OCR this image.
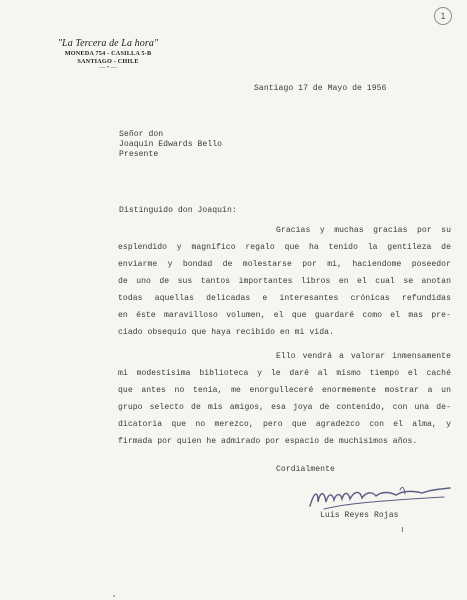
1
"La Tercera de La hora"
MONEDA 754 - CASILLA 5-B
SANTIAGO - CHILE
— • —
Santiago 17 de Mayo de 1956
Señor don
Joaquín Edwards Bello
Presente
Distinguido don Joaquín:
Gracias y muchas gracias por su
esplendido y magnífico regalo que ha tenido la gentileza de
enviarme y bondad de molestarse por mi, haciendome poseedor
de uno de sus tantos importantes libros en el cual se anotan
todas aquellas delicadas e interesantes crónicas refundidas
en éste maravilloso volumen, el que guardaré como el mas pre-
ciado obsequio que haya recibido en mi vida.
Ello vendrá a valorar inmensamente
mi modestísima biblioteca y le daré al mismo tiempo el caché
que antes no tenia, me enorgulleceré enormemente mostrar a un
grupo selecto de mis amigos, esa joya de contenido, con una de-
dicatoria que no merezco, pero que agradezco con el alma, y
firmada por quien he admirado por espacio de muchisimos años.
Cordialmente
Luis Reyes Rojas
